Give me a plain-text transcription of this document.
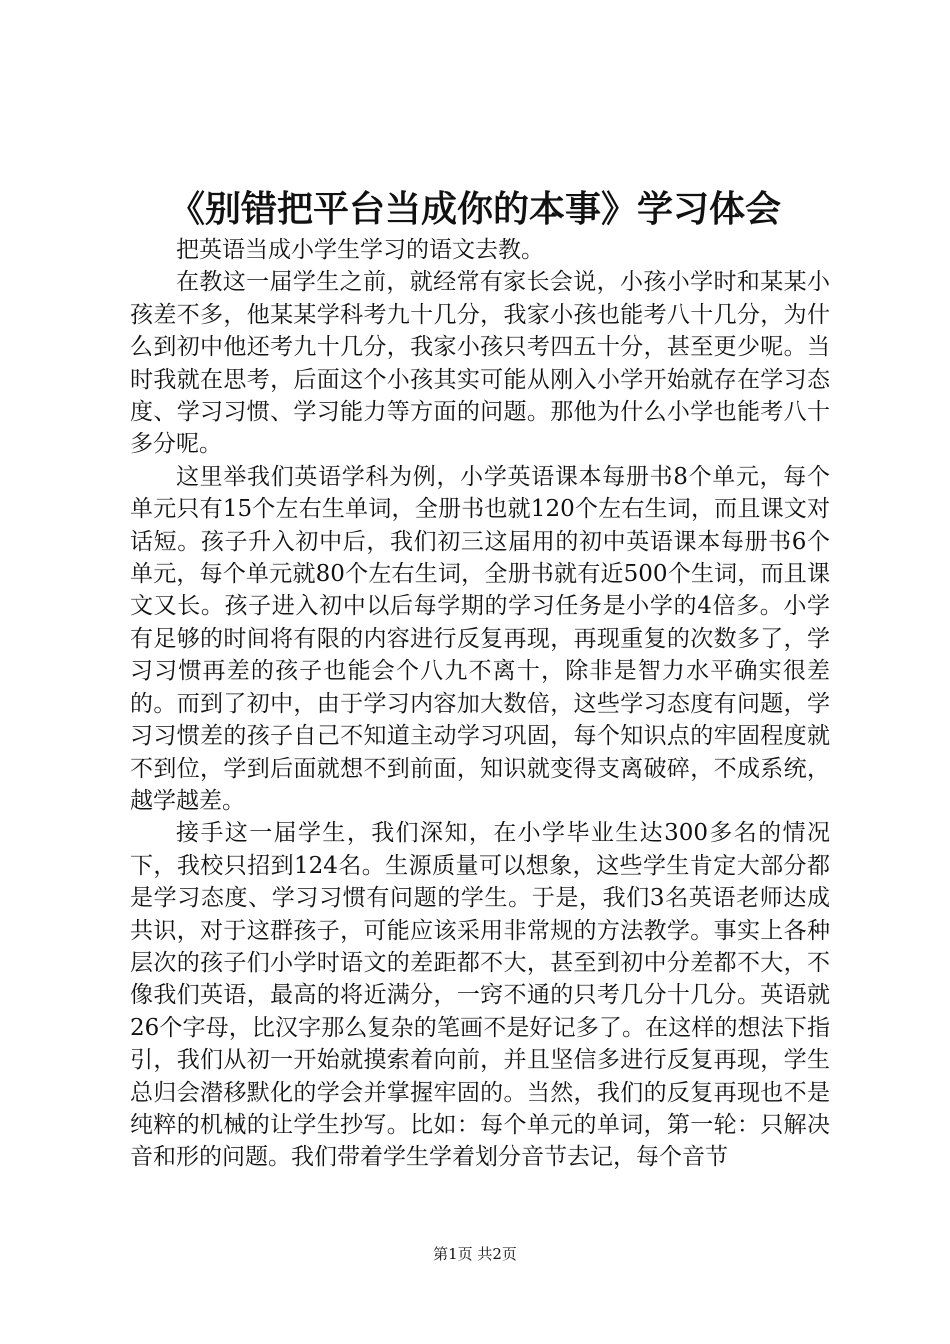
《别错把平台当成你的本事》学习体会

把英语当成小学生学习的语文去教。

在教这一届学生之前，就经常有家长会说，小孩小学时和某某小孩差不多，他某某学科考九十几分，我家小孩也能考八十几分，为什么到初中他还考九十几分，我家小孩只考四五十分，甚至更少呢。当时我就在思考，后面这个小孩其实可能从刚入小学开始就存在学习态度、学习习惯、学习能力等方面的问题。那他为什么小学也能考八十多分呢。

这里举我们英语学科为例，小学英语课本每册书8个单元，每个单元只有15个左右生单词，全册书也就120个左右生词，而且课文对话短。孩子升入初中后，我们初三这届用的初中英语课本每册书6个单元，每个单元就80个左右生词，全册书就有近500个生词，而且课文又长。孩子进入初中以后每学期的学习任务是小学的4倍多。小学有足够的时间将有限的内容进行反复再现，再现重复的次数多了，学习习惯再差的孩子也能会个八九不离十，除非是智力水平确实很差的。而到了初中，由于学习内容加大数倍，这些学习态度有问题，学习习惯差的孩子自己不知道主动学习巩固，每个知识点的牢固程度就不到位，学到后面就想不到前面，知识就变得支离破碎，不成系统，越学越差。

接手这一届学生，我们深知，在小学毕业生达300多名的情况下，我校只招到124名。生源质量可以想象，这些学生肯定大部分都是学习态度、学习习惯有问题的学生。于是，我们3名英语老师达成共识，对于这群孩子，可能应该采用非常规的方法教学。事实上各种层次的孩子们小学时语文的差距都不大，甚至到初中分差都不大，不像我们英语，最高的将近满分，一窍不通的只考几分十几分。英语就26个字母，比汉字那么复杂的笔画不是好记多了。在这样的想法下指引，我们从初一开始就摸索着向前，并且坚信多进行反复再现，学生总归会潜移默化的学会并掌握牢固的。当然，我们的反复再现也不是纯粹的机械的让学生抄写。比如：每个单元的单词，第一轮：只解决音和形的问题。我们带着学生学着划分音节去记，每个音节

第1页 共2页
